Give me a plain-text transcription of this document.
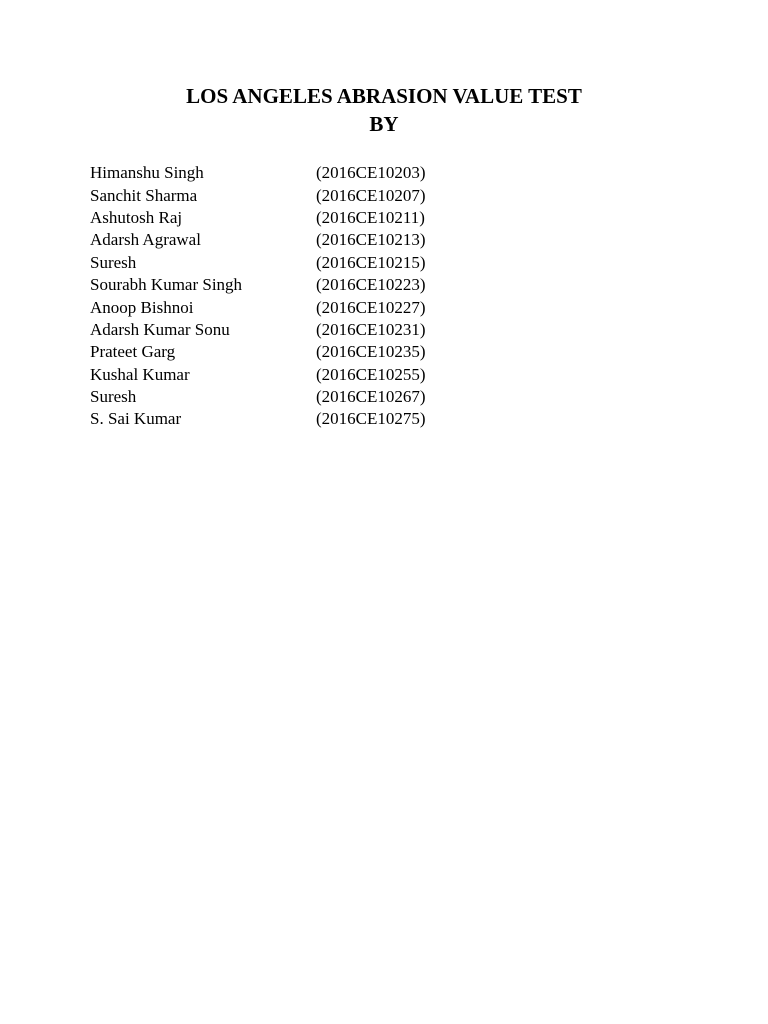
LOS ANGELES ABRASION VALUE TEST
BY
Himanshu Singh	(2016CE10203)
Sanchit Sharma	(2016CE10207)
Ashutosh Raj	(2016CE10211)
Adarsh Agrawal	(2016CE10213)
Suresh	(2016CE10215)
Sourabh Kumar Singh	(2016CE10223)
Anoop Bishnoi	(2016CE10227)
Adarsh Kumar Sonu	(2016CE10231)
Prateet Garg	(2016CE10235)
Kushal Kumar	(2016CE10255)
Suresh	(2016CE10267)
S. Sai Kumar	(2016CE10275)
